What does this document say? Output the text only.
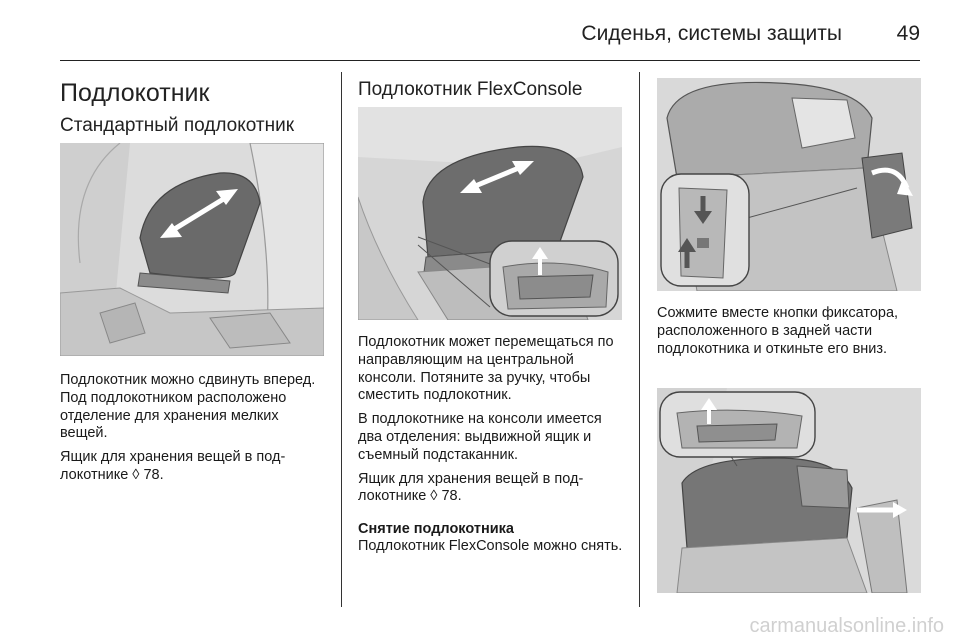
Сиденья, системы защиты	49
Подлокотник
Стандартный подлокотник

Подлокотник можно сдвинуть вперед. Под подлокотником расположено отделение для хранения мелких вещей.

Ящик для хранения вещей в подлокотнике ◊ 78.

Подлокотник FlexConsole

Подлокотник может перемещаться по направляющим на центральной консоли. Потяните за ручку, чтобы сместить подлокотник.

В подлокотнике на консоли имеется два отделения: выдвижной ящик и съемный подстаканник.

Ящик для хранения вещей в подлокотнике ◊ 78.

Снятие подлокотника

Подлокотник FlexConsole можно снять.

Сожмите вместе кнопки фиксатора, расположенного в задней части подлокотника и откиньте его вниз.

carmanualsonline.info
